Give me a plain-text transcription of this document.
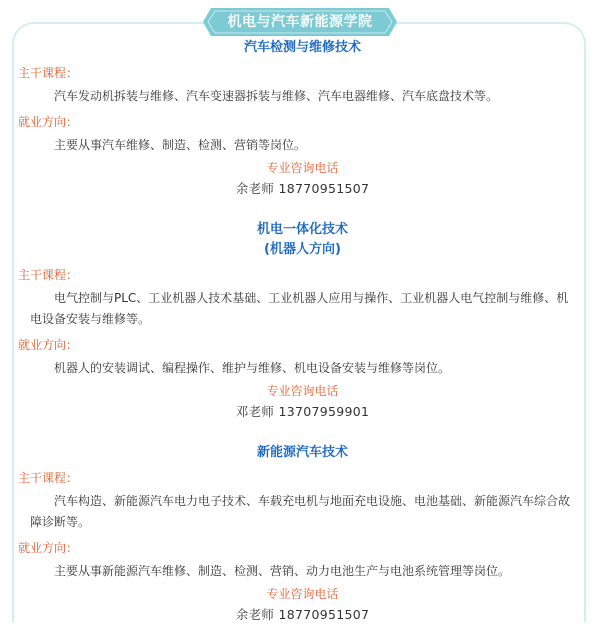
机电与汽车新能源学院

汽车检测与维修技术

主干课程：

汽车发动机拆装与维修、汽车变速器拆装与维修、汽车电器维修、汽车底盘技术等。

就业方向：

主要从事汽车维修、制造、检测、营销等岗位。

专业咨询电话

余老师 18770951507

机电一体化技术

(机器人方向)

主干课程：

电气控制与PLC、工业机器人技术基础、工业机器人应用与操作、工业机器人电气控制与维修、机电设备安装与维修等。

就业方向：

机器人的安装调试、编程操作、维护与维修、机电设备安装与维修等岗位。

专业咨询电话

邓老师 13707959901

新能源汽车技术

主干课程：

汽车构造、新能源汽车电力电子技术、车载充电机与地面充电设施、电池基础、新能源汽车综合故障诊断等。

就业方向：

主要从事新能源汽车维修、制造、检测、营销、动力电池生产与电池系统管理等岗位。

专业咨询电话

余老师 18770951507
